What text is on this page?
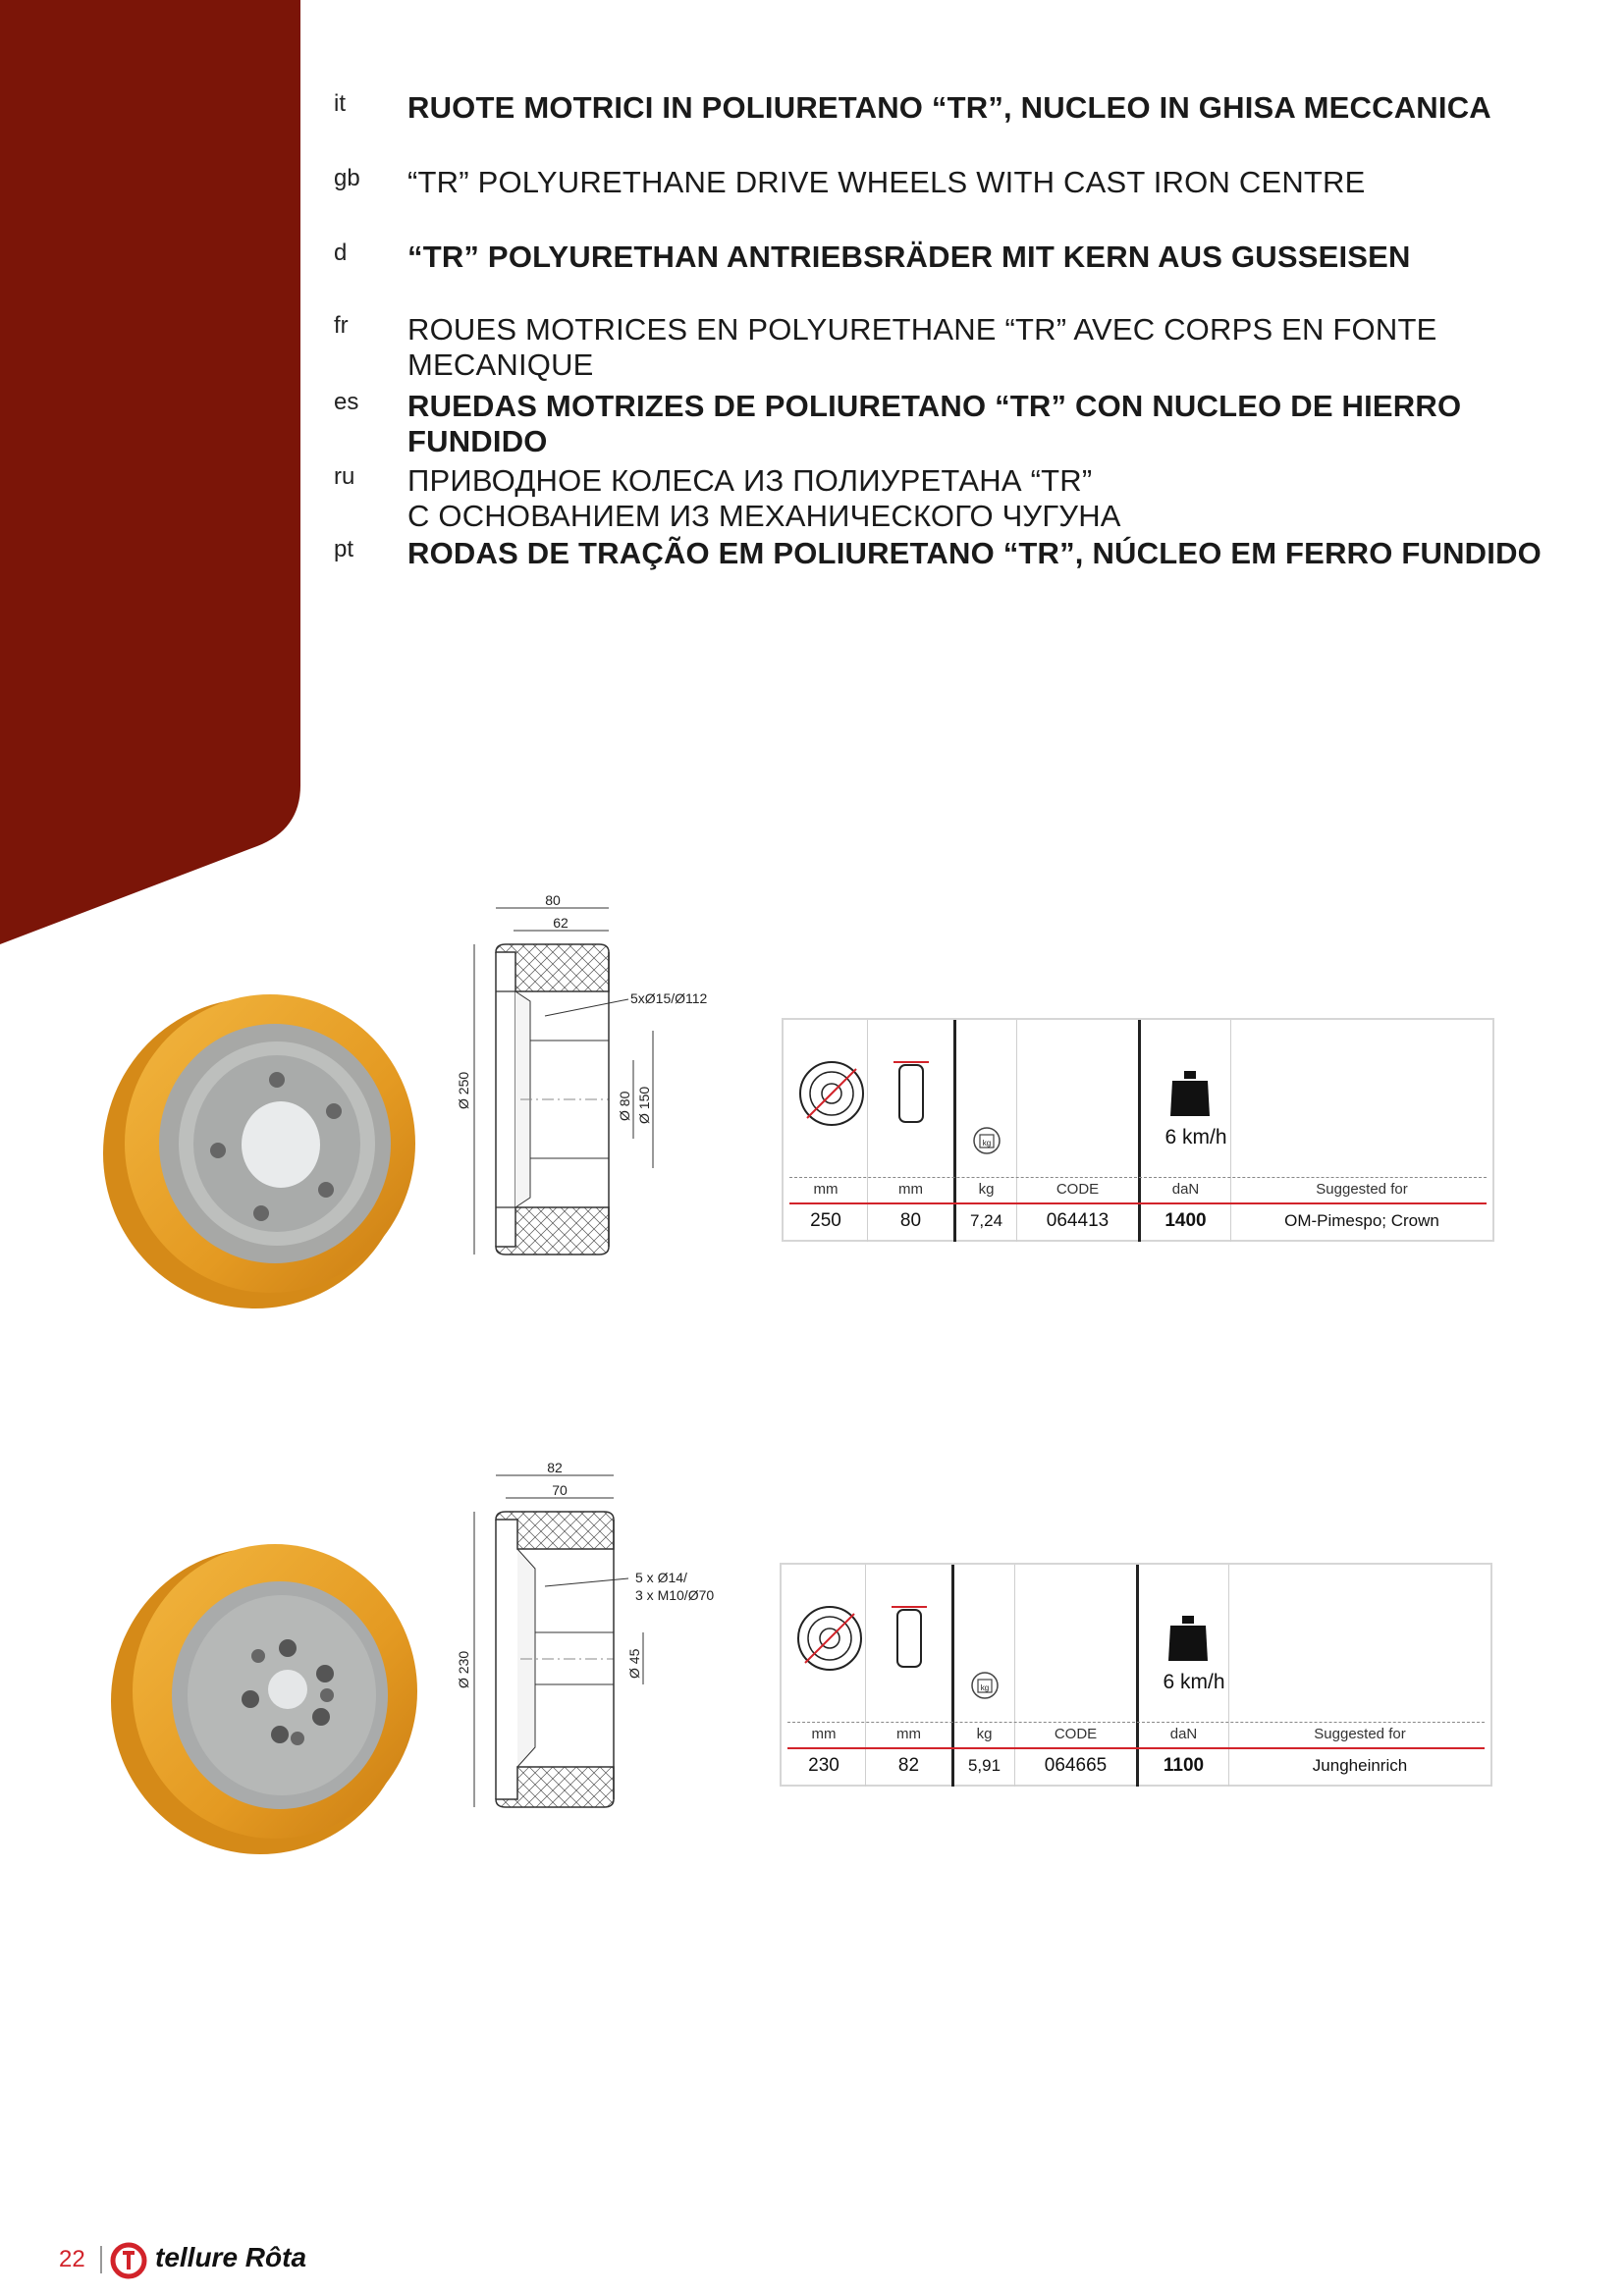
it	RUOTE MOTRICI IN POLIURETANO “TR”, NUCLEO IN GHISA MECCANICA
gb	“TR” POLYURETHANE DRIVE WHEELS WITH CAST IRON CENTRE
d	“TR” POLYURETHAN ANTRIEBSRÄDER MIT KERN AUS GUSSEISEN
fr	ROUES MOTRICES EN POLYURETHANE “TR” AVEC CORPS EN FONTE MECANIQUE
es	RUEDAS MOTRIZES DE POLIURETANO “TR” CON NUCLEO DE HIERRO FUNDIDO
ru	ПРИВОДНОЕ КОЛЕСА ИЗ ПОЛИУРЕТАНА “TR”
С ОСНОВАНИЕМ ИЗ МЕХАНИЧЕСКОГО ЧУГУНА
pt	RODAS DE TRAÇÃO EM POLIURETANO “TR”, NÚCLEO EM FERRO FUNDIDO
80
62
5xØ15/Ø112
Ø 250	Ø 80 Ø 150
kg	6 km/h
mm	mm	kg	CODE	daN	Suggested for
250	80	7,24	064413	1400	OM-Pimespo; Crown
82
70
5 x Ø14/
3 x M10/Ø70
Ø 230	Ø 45
kg	6 km/h
mm	mm	kg	CODE	daN	Suggested for
230	82	5,91	064665	1100	Jungheinrich
22	tellure Rôta
